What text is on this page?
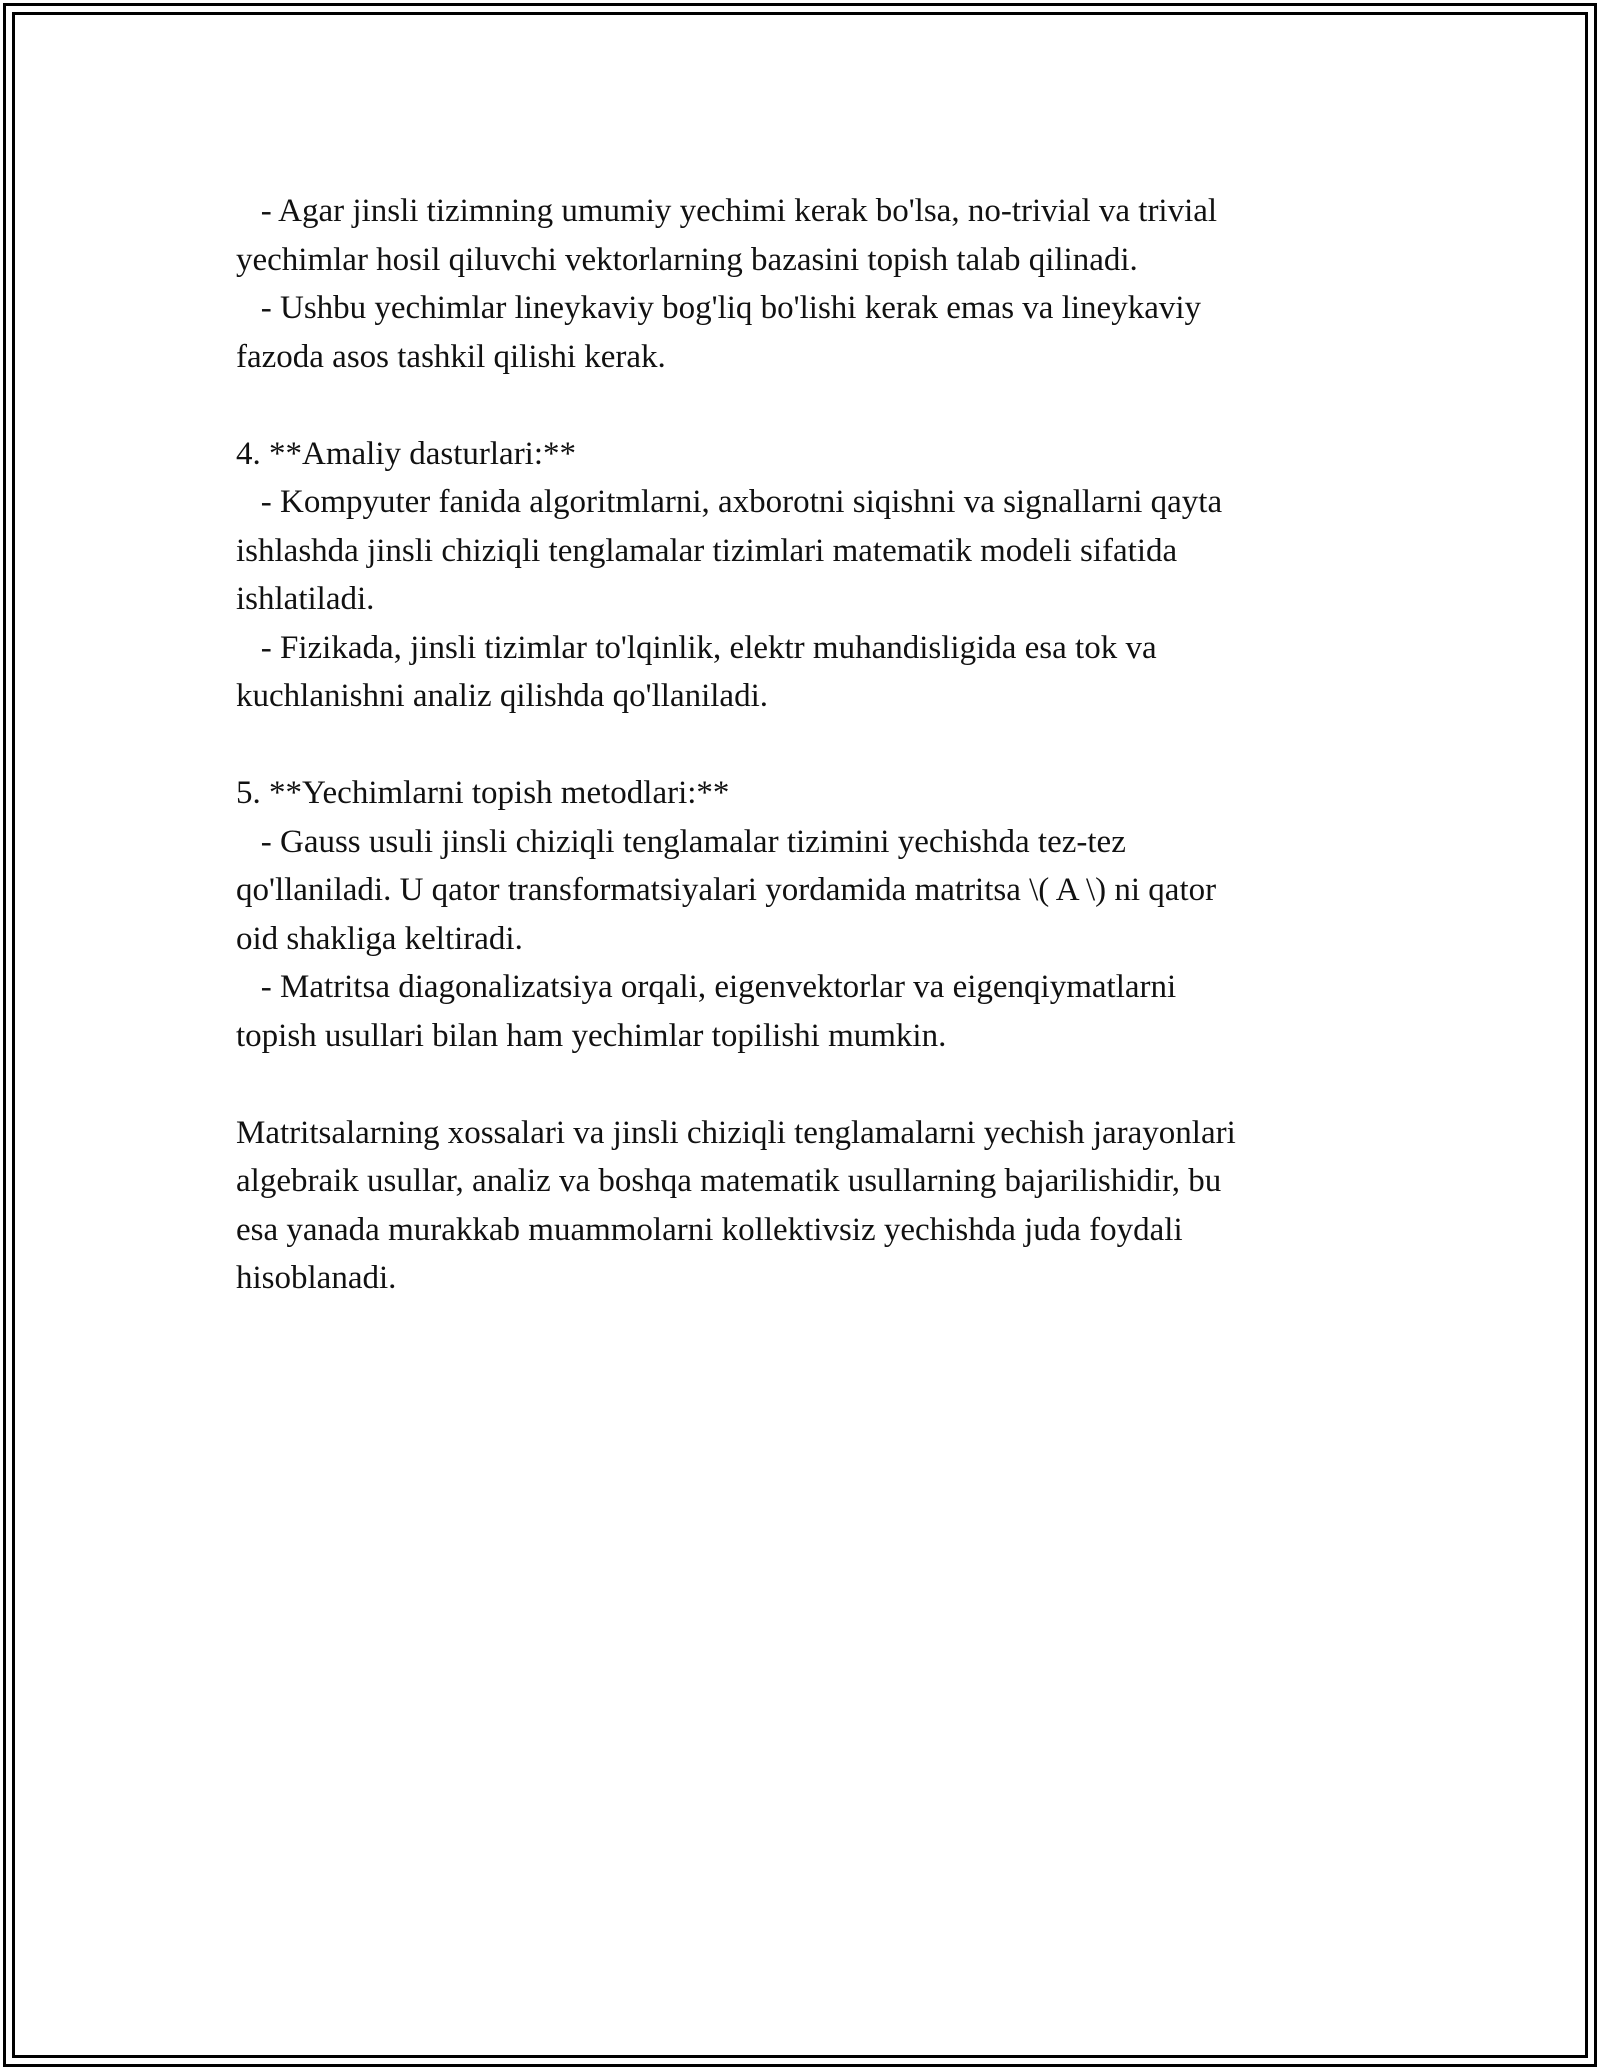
- Agar jinsli tizimning umumiy yechimi kerak bo'lsa, no-trivial va trivial
yechimlar hosil qiluvchi vektorlarning bazasini topish talab qilinadi.
- Ushbu yechimlar lineykaviy bog'liq bo'lishi kerak emas va lineykaviy
fazoda asos tashkil qilishi kerak.
4. **Amaliy dasturlari:**
- Kompyuter fanida algoritmlarni, axborotni siqishni va signallarni qayta
ishlashda jinsli chiziqli tenglamalar tizimlari matematik modeli sifatida
ishlatiladi.
- Fizikada, jinsli tizimlar to'lqinlik, elektr muhandisligida esa tok va
kuchlanishni analiz qilishda qo'llaniladi.
5. **Yechimlarni topish metodlari:**
- Gauss usuli jinsli chiziqli tenglamalar tizimini yechishda tez-tez
qo'llaniladi. U qator transformatsiyalari yordamida matritsa \( A \) ni qator
oid shakliga keltiradi.
- Matritsa diagonalizatsiya orqali, eigenvektorlar va eigenqiymatlarni
topish usullari bilan ham yechimlar topilishi mumkin.
Matritsalarning xossalari va jinsli chiziqli tenglamalarni yechish jarayonlari
algebraik usullar, analiz va boshqa matematik usullarning bajarilishidir, bu
esa yanada murakkab muammolarni kollektivsiz yechishda juda foydali
hisoblanadi.
